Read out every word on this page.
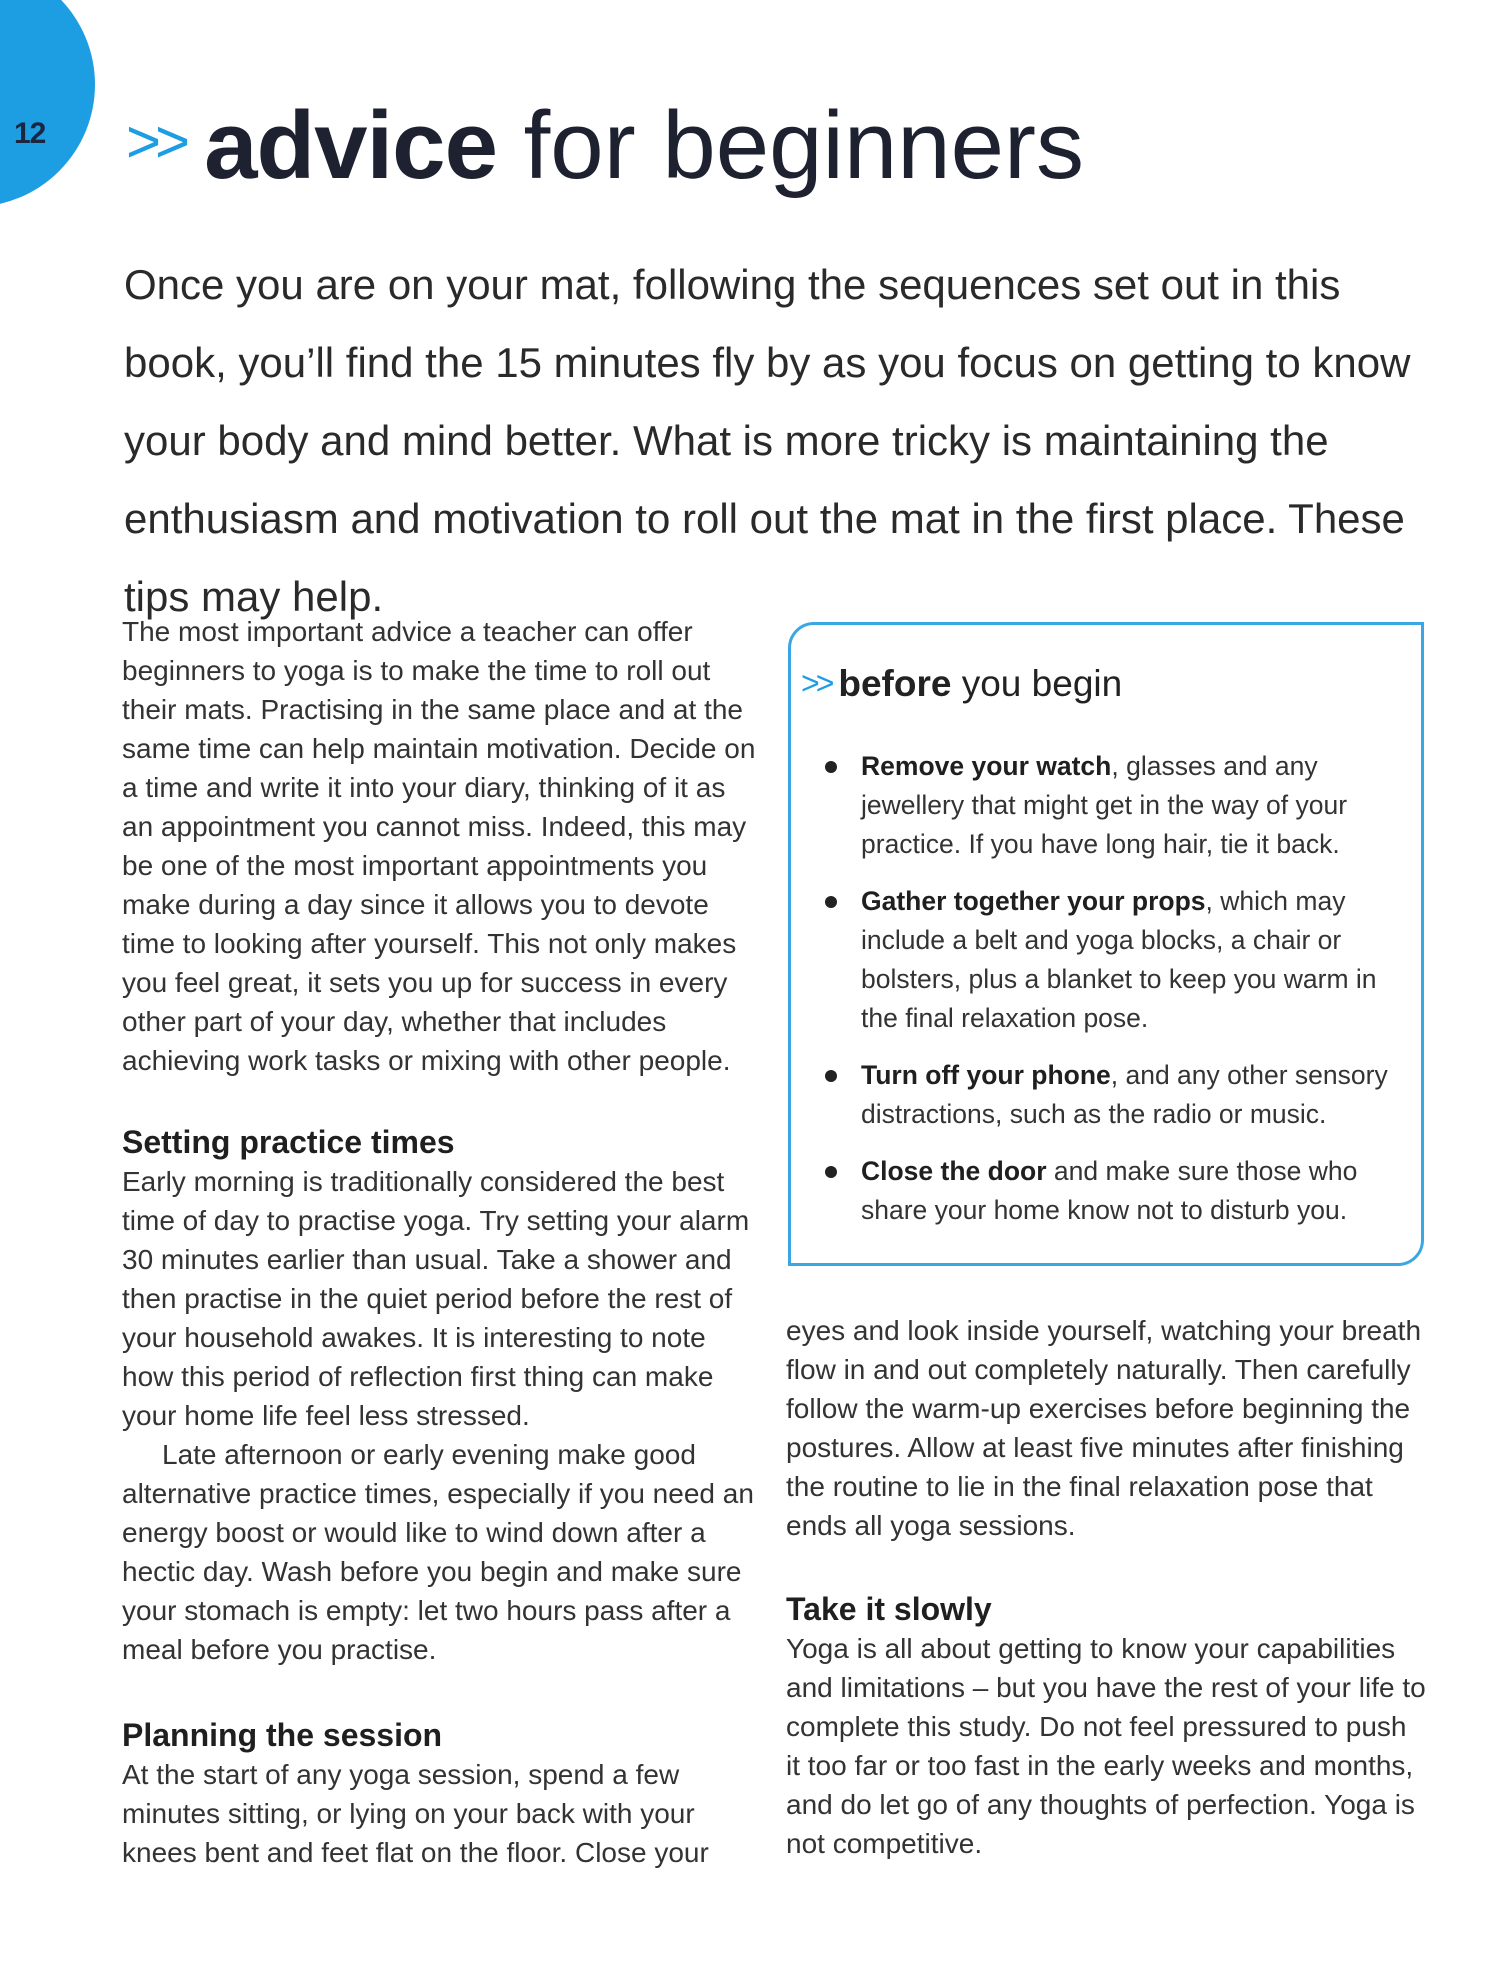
12 >> advice for beginners

Once you are on your mat, following the sequences set out in this book, you’ll find the 15 minutes fly by as you focus on getting to know your body and mind better. What is more tricky is maintaining the enthusiasm and motivation to roll out the mat in the first place. These tips may help.

The most important advice a teacher can offer beginners to yoga is to make the time to roll out their mats. Practising in the same place and at the same time can help maintain motivation. Decide on a time and write it into your diary, thinking of it as an appointment you cannot miss. Indeed, this may be one of the most important appointments you make during a day since it allows you to devote time to looking after yourself. This not only makes you feel great, it sets you up for success in every other part of your day, whether that includes achieving work tasks or mixing with other people.

Setting practice times

Early morning is traditionally considered the best time of day to practise yoga. Try setting your alarm 30 minutes earlier than usual. Take a shower and then practise in the quiet period before the rest of your household awakes. It is interesting to note how this period of reflection first thing can make your home life feel less stressed.

Late afternoon or early evening make good alternative practice times, especially if you need an energy boost or would like to wind down after a hectic day. Wash before you begin and make sure your stomach is empty: let two hours pass after a meal before you practise.

Planning the session

At the start of any yoga session, spend a few minutes sitting, or lying on your back with your knees bent and feet flat on the floor. Close your

>> before you begin
Remove your watch, glasses and any jewellery that might get in the way of your practice. If you have long hair, tie it back.
Gather together your props, which may include a belt and yoga blocks, a chair or bolsters, plus a blanket to keep you warm in the final relaxation pose.
Turn off your phone, and any other sensory distractions, such as the radio or music.
Close the door and make sure those who share your home know not to disturb you.

eyes and look inside yourself, watching your breath flow in and out completely naturally. Then carefully follow the warm-up exercises before beginning the postures. Allow at least five minutes after finishing the routine to lie in the final relaxation pose that ends all yoga sessions.

Take it slowly

Yoga is all about getting to know your capabilities and limitations – but you have the rest of your life to complete this study. Do not feel pressured to push it too far or too fast in the early weeks and months, and do let go of any thoughts of perfection. Yoga is not competitive.
